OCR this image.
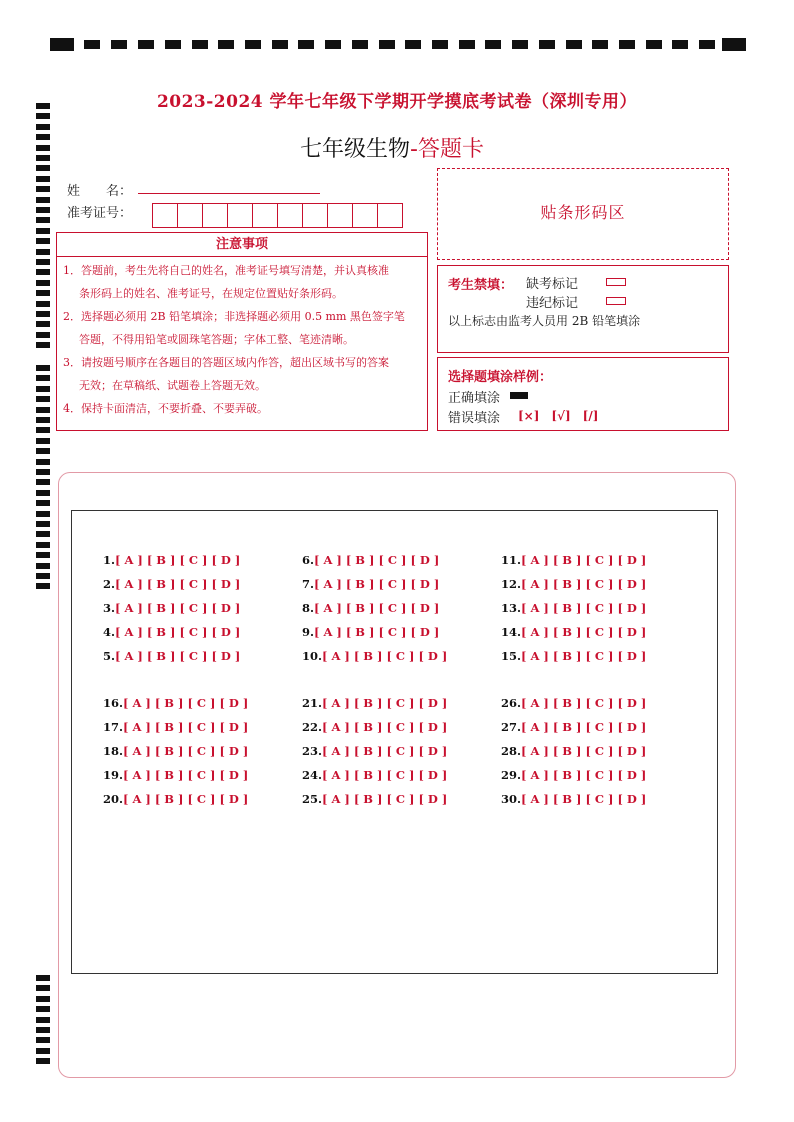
2023-2024 学年七年级下学期开学摸底考试卷（深圳专用）
七年级生物-答题卡
姓　　名：
准考证号：
注意事项
1．答题前，考生先将自己的姓名，准考证号填写清楚，并认真核准
条形码上的姓名、准考证号，在规定位置贴好条形码。
2．选择题必须用 2B 铅笔填涂；非选择题必须用 0.5 mm 黑色签字笔
答题，不得用铅笔或圆珠笔答题；字体工整、笔迹清晰。
3．请按题号顺序在各题目的答题区域内作答，超出区域书写的答案
无效；在草稿纸、试题卷上答题无效。
4．保持卡面清洁，不要折叠、不要弄破。
贴条形码区
考生禁填： 缺考标记
违纪标记
以上标志由监考人员用 2B 铅笔填涂
选择题填涂样例：
正确填涂
错误填涂 [×] [√] [/]
1.[ A ] [ B ] [ C ] [ D ]
2.[ A ] [ B ] [ C ] [ D ]
3.[ A ] [ B ] [ C ] [ D ]
4.[ A ] [ B ] [ C ] [ D ]
5.[ A ] [ B ] [ C ] [ D ]
6.[ A ] [ B ] [ C ] [ D ]
7.[ A ] [ B ] [ C ] [ D ]
8.[ A ] [ B ] [ C ] [ D ]
9.[ A ] [ B ] [ C ] [ D ]
10.[ A ] [ B ] [ C ] [ D ]
11.[ A ] [ B ] [ C ] [ D ]
12.[ A ] [ B ] [ C ] [ D ]
13.[ A ] [ B ] [ C ] [ D ]
14.[ A ] [ B ] [ C ] [ D ]
15.[ A ] [ B ] [ C ] [ D ]
16.[ A ] [ B ] [ C ] [ D ]
17.[ A ] [ B ] [ C ] [ D ]
18.[ A ] [ B ] [ C ] [ D ]
19.[ A ] [ B ] [ C ] [ D ]
20.[ A ] [ B ] [ C ] [ D ]
21.[ A ] [ B ] [ C ] [ D ]
22.[ A ] [ B ] [ C ] [ D ]
23.[ A ] [ B ] [ C ] [ D ]
24.[ A ] [ B ] [ C ] [ D ]
25.[ A ] [ B ] [ C ] [ D ]
26.[ A ] [ B ] [ C ] [ D ]
27.[ A ] [ B ] [ C ] [ D ]
28.[ A ] [ B ] [ C ] [ D ]
29.[ A ] [ B ] [ C ] [ D ]
30.[ A ] [ B ] [ C ] [ D ]
